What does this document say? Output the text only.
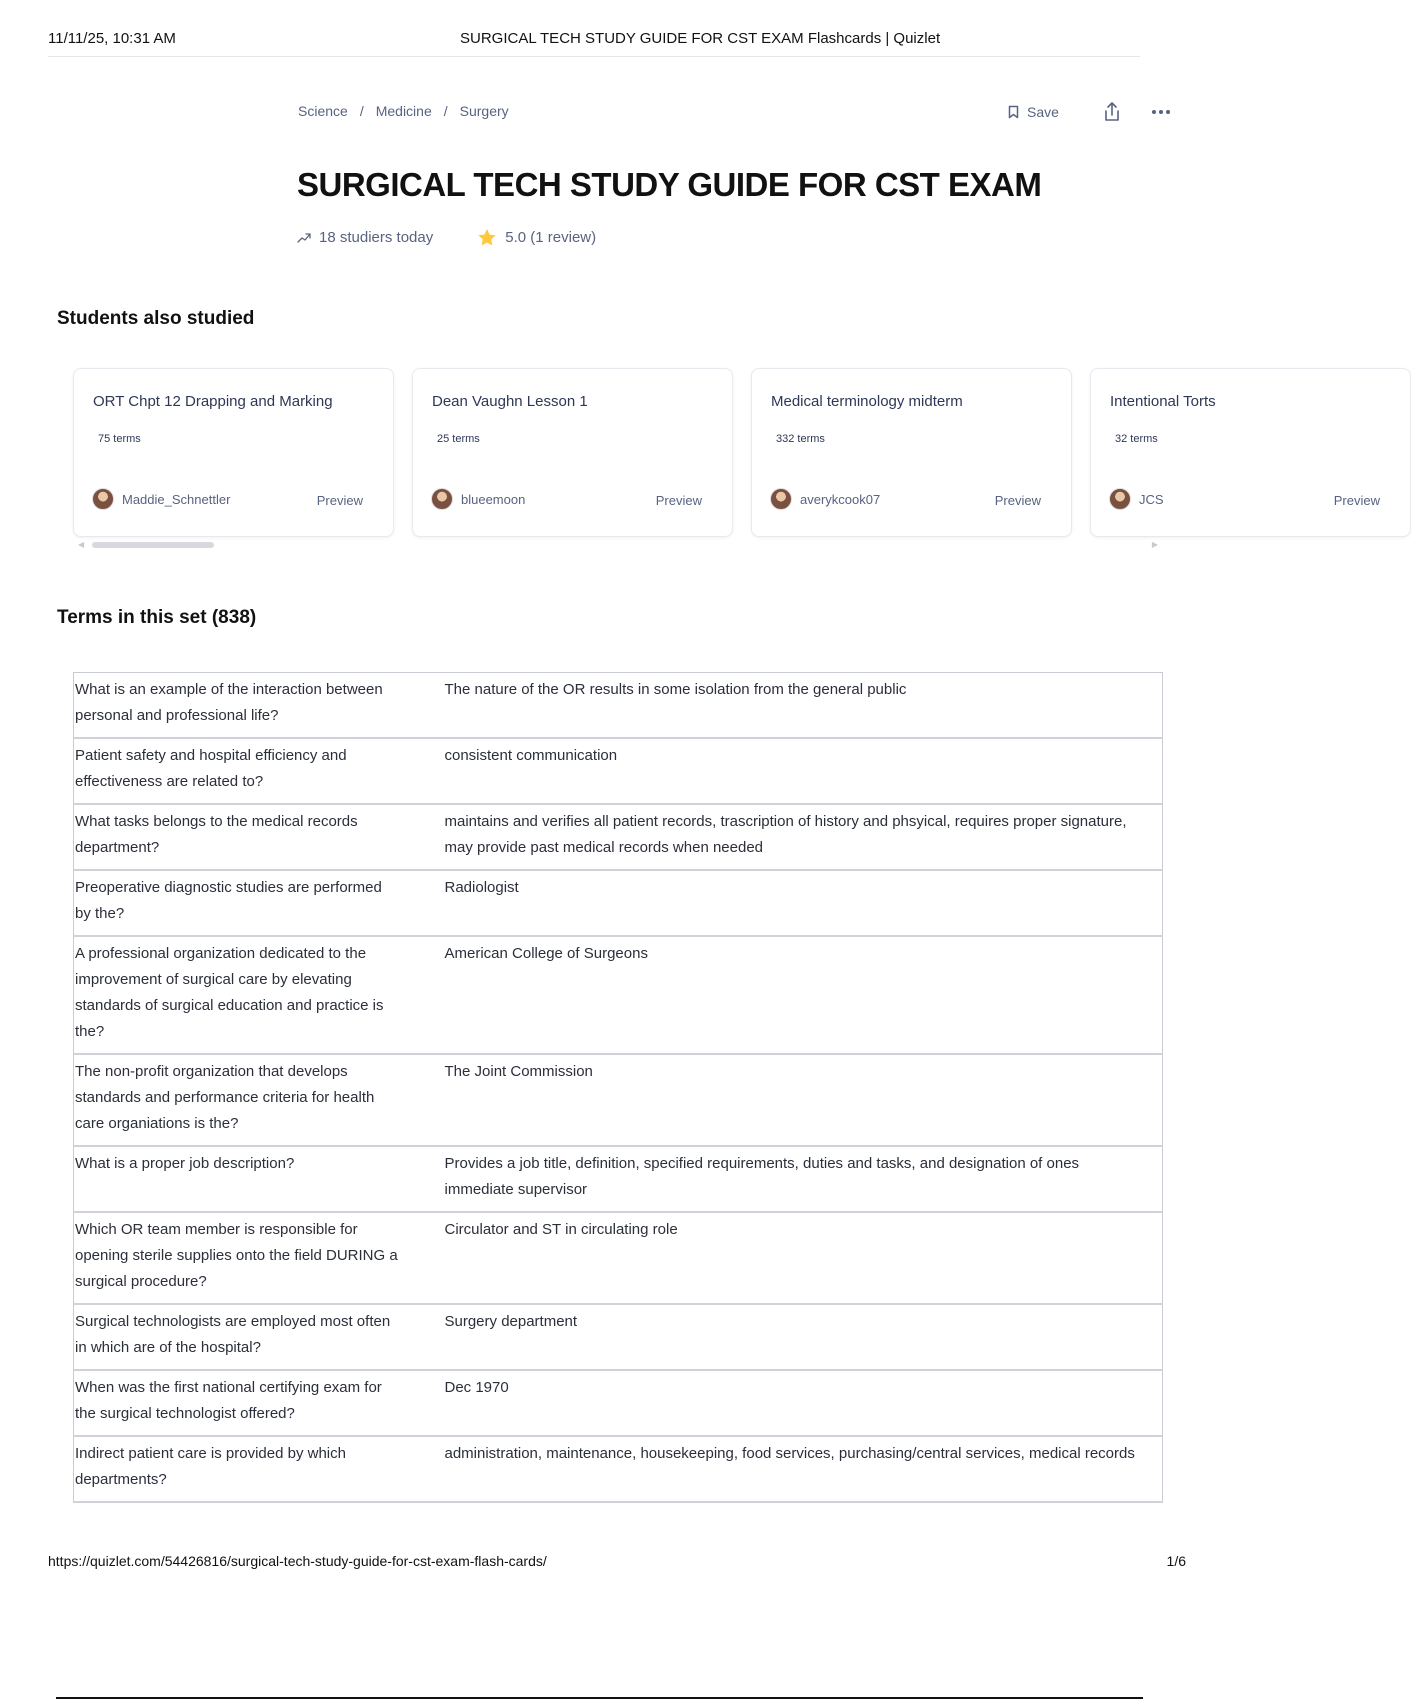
11/11/25, 10:31 AM	SURGICAL TECH STUDY GUIDE FOR CST EXAM Flashcards | Quizlet
Science / Medicine / Surgery	Save
SURGICAL TECH STUDY GUIDE FOR CST EXAM
18 studiers today	5.0 (1 review)
Students also studied
ORT Chpt 12 Drapping and Marking
75 terms
Maddie_Schnettler	Preview
Dean Vaughn Lesson 1
25 terms
blueemoon	Preview
Medical terminology midterm
332 terms
averykcook07	Preview
Intentional Torts
32 terms
JCS	Preview
◀	▶
Terms in this set (838)
What is an example of the interaction between personal and professional life?	The nature of the OR results in some isolation from the general public
Patient safety and hospital efficiency and effectiveness are related to?	consistent communication
What tasks belongs to the medical records department?	maintains and verifies all patient records, trascription of history and phsyical, requires proper signature, may provide past medical records when needed
Preoperative diagnostic studies are performed by the?	Radiologist
A professional organization dedicated to the improvement of surgical care by elevating standards of surgical education and practice is the?	American College of Surgeons
The non-profit organization that develops standards and performance criteria for health care organiations is the?	The Joint Commission
What is a proper job description?	Provides a job title, definition, specified requirements, duties and tasks, and designation of ones immediate supervisor
Which OR team member is responsible for opening sterile supplies onto the field DURING a surgical procedure?	Circulator and ST in circulating role
Surgical technologists are employed most often in which are of the hospital?	Surgery department
When was the first national certifying exam for the surgical technologist offered?	Dec 1970
Indirect patient care is provided by which departments?	administration, maintenance, housekeeping, food services, purchasing/central services, medical records
https://quizlet.com/54426816/surgical-tech-study-guide-for-cst-exam-flash-cards/	1/6
